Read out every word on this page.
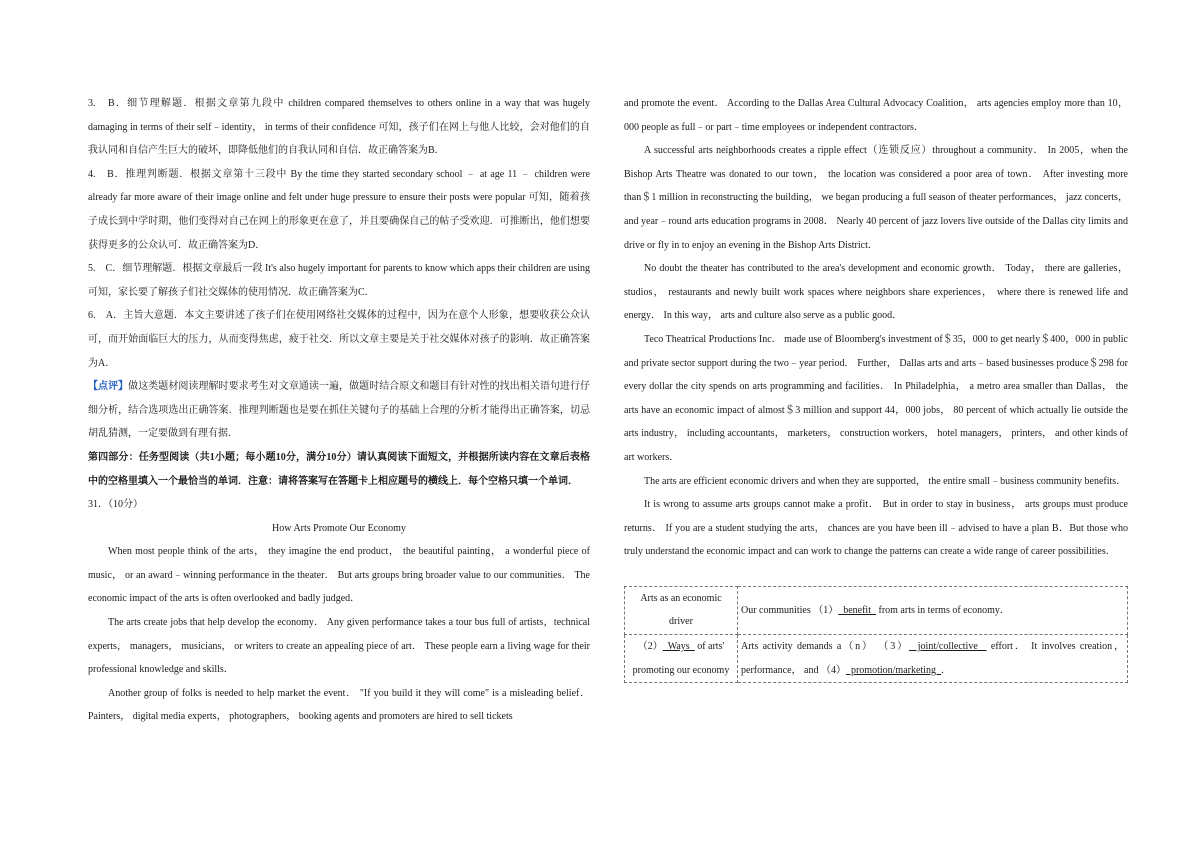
3.　B．细节理解题．根据文章第九段中 children compared themselves to others online in a way that was hugely damaging in terms of their self﹣identity， in terms of their confidence 可知，孩子们在网上与他人比较，会对他们的自我认同和自信产生巨大的破坏，即降低他们的自我认同和自信．故正确答案为B．

4.　B．推理判断题．根据文章第十三段中 By the time they started secondary school ﹣ at age 11 ﹣ children were already far more aware of their image online and felt under huge pressure to ensure their posts were popular 可知，随着孩子成长到中学时期，他们变得对自己在网上的形象更在意了，并且要确保自己的帖子受欢迎．可推断出，他们想要获得更多的公众认可．故正确答案为D．

5.　C．细节理解题．根据文章最后一段 It's also hugely important for parents to know which apps their children are using 可知，家长要了解孩子们社交媒体的使用情况．故正确答案为C．

6.　A．主旨大意题．本文主要讲述了孩子们在使用网络社交媒体的过程中，因为在意个人形象，想要收获公众认可，而开始面临巨大的压力，从而变得焦虑，疲于社交．所以文章主要是关于社交媒体对孩子的影响．故正确答案为A．

【点评】做这类题材阅读理解时要求考生对文章通读一遍，做题时结合原文和题目有针对性的找出相关语句进行仔细分析，结合选项选出正确答案．推理判断题也是要在抓住关键句子的基础上合理的分析才能得出正确答案，切忌胡乱猜测，一定要做到有理有据．

第四部分：任务型阅读（共1小题；每小题10分，满分10分）请认真阅读下面短文，并根据所读内容在文章后表格中的空格里填入一个最恰当的单词．注意：请将答案写在答题卡上相应题号的横线上．每个空格只填一个单词．

31．（10分）

How Arts Promote Our Economy

When most people think of the arts， they imagine the end product， the beautiful painting， a wonderful piece of music， or an award﹣winning performance in the theater． But arts groups bring broader value to our communities． The economic impact of the arts is often overlooked and badly judged．

The arts create jobs that help develop the economy． Any given performance takes a tour bus full of artists，technical experts， managers， musicians， or writers to create an appealing piece of art． These people earn a living wage for their professional knowledge and skills．

Another group of folks is needed to help market the event． "If you build it they will come" is a misleading belief． Painters， digital media experts， photographers， booking agents and promoters are hired to sell tickets

and promote the event． According to the Dallas Area Cultural Advocacy Coalition， arts agencies employ more than 10，000 people as full﹣or part﹣time employees or independent contractors．

A successful arts neighborhoods creates a ripple effect（连锁反应）throughout a community． In 2005，when the Bishop Arts Theatre was donated to our town， the location was considered a poor area of town． After investing more than＄1 million in reconstructing the building， we began producing a full season of theater performances， jazz concerts， and year﹣round arts education programs in 2008． Nearly 40 percent of jazz lovers live outside of the Dallas city limits and drive or fly in to enjoy an evening in the Bishop Arts District．

No doubt the theater has contributed to the area's development and economic growth． Today， there are galleries， studios， restaurants and newly built work spaces where neighbors share experiences， where there is renewed life and energy． In this way， arts and culture also serve as a public good．

Teco Theatrical Productions Inc． made use of Bloomberg's investment of＄35，000 to get nearly＄400，000 in public and private sector support during the two﹣year period． Further， Dallas arts and arts﹣based businesses produce＄298 for every dollar the city spends on arts programming and facilities． In Philadelphia， a metro area smaller than Dallas， the arts have an economic impact of almost＄3 million and support 44，000 jobs， 80 percent of which actually lie outside the arts industry， including accountants， marketers， construction workers， hotel managers， printers， and other kinds of art workers．

The arts are efficient economic drivers and when they are supported， the entire small﹣business community benefits．

It is wrong to assume arts groups cannot make a profit． But in order to stay in business， arts groups must produce returns． If you are a student studying the arts， chances are you have been ill﹣advised to have a plan B．But those who truly understand the economic impact and can work to change the patterns can create a wide range of career possibilities．

Arts as an economic driver	Our communities （1）  benefit   from arts in terms of economy．
（2）  Ways   of arts' promoting our economy	Arts activity demands a（n） （3）  joint/collective   effort． It involves creation，performance， and （4）  promotion/marketing  ．
